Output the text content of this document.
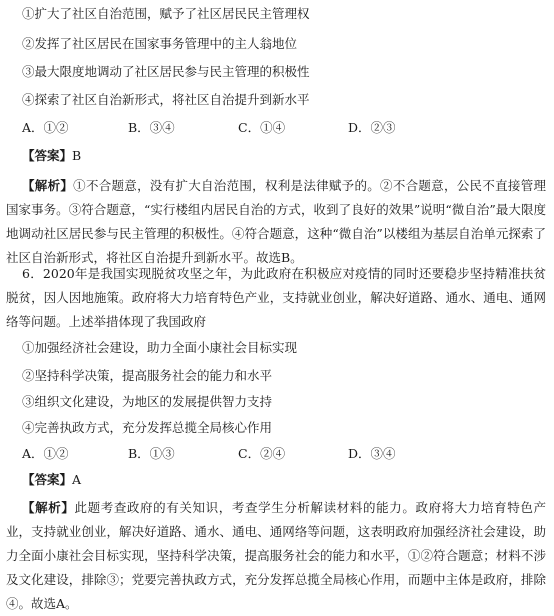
①扩大了社区自治范围，赋予了社区居民民主管理权
②发挥了社区居民在国家事务管理中的主人翁地位
③最大限度地调动了社区居民参与民主管理的积极性
④探索了社区自治新形式，将社区自治提升到新水平
A．①②	B．③④	C．①④	D．②③
【答案】B
【解析】①不合题意，没有扩大自治范围，权利是法律赋予的。②不合题意，公民不直接管理国家事务。③符合题意，“实行楼组内居民自治的方式，收到了良好的效果”说明“微自治”最大限度地调动社区居民参与民主管理的积极性。④符合题意，这种“微自治”以楼组为基层自治单元探索了社区自治新形式，将社区自治提升到新水平。故选B。
6．2020年是我国实现脱贫攻坚之年，为此政府在积极应对疫情的同时还要稳步坚持精准扶贫脱贫，因人因地施策。政府将大力培育特色产业，支持就业创业，解决好道路、通水、通电、通网络等问题。上述举措体现了我国政府
①加强经济社会建设，助力全面小康社会目标实现
②坚持科学决策，提高服务社会的能力和水平
③组织文化建设，为地区的发展提供智力支持
④完善执政方式，充分发挥总揽全局核心作用
A．①②	B．①③	C．②④	D．③④
【答案】A
【解析】此题考查政府的有关知识，考查学生分析解读材料的能力。政府将大力培育特色产业，支持就业创业，解决好道路、通水、通电、通网络等问题，这表明政府加强经济社会建设，助力全面小康社会目标实现，坚持科学决策，提高服务社会的能力和水平，①②符合题意；材料不涉及文化建设，排除③；党要完善执政方式，充分发挥总揽全局核心作用，而题中主体是政府，排除④。故选A。
